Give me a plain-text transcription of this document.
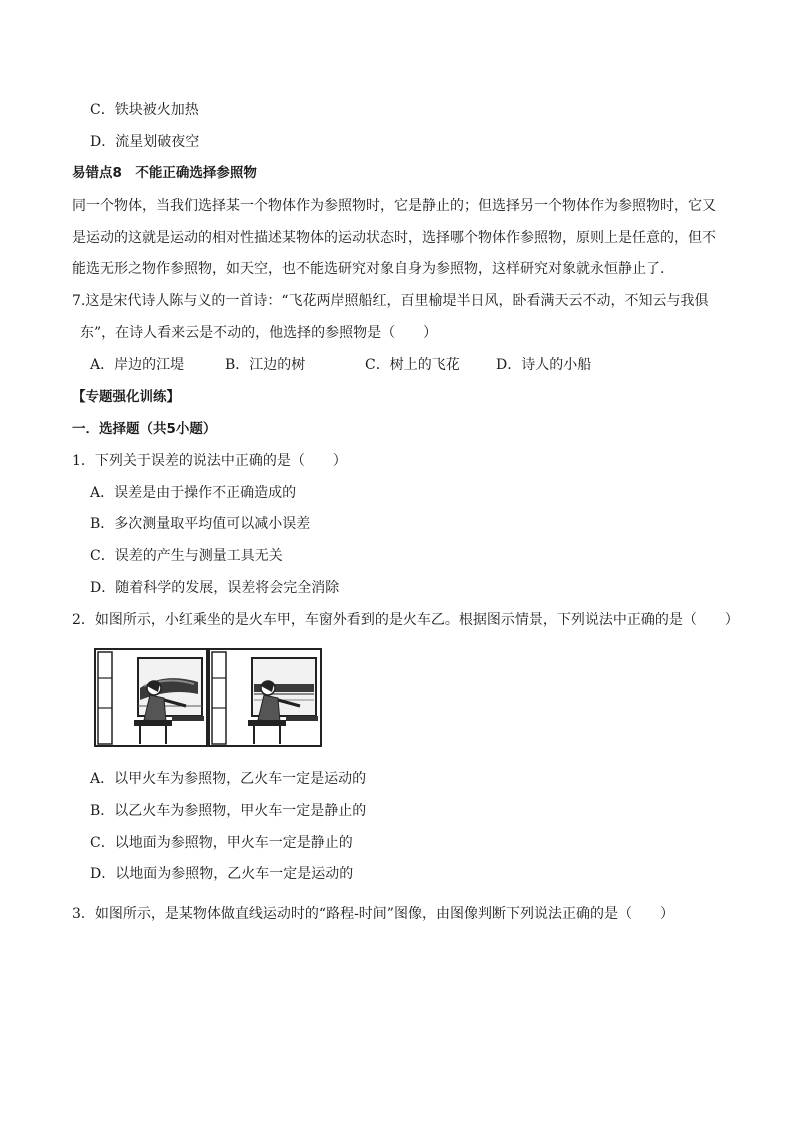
C．铁块被火加热
D．流星划破夜空
易错点8　不能正确选择参照物
同一个物体，当我们选择某一个物体作为参照物时，它是静止的；但选择另一个物体作为参照物时，它又
是运动的这就是运动的相对性描述某物体的运动状态时，选择哪个物体作参照物，原则上是任意的，但不
能选无形之物作参照物，如天空，也不能选研究对象自身为参照物，这样研究对象就永恒静止了.
7.这是宋代诗人陈与义的一首诗：“飞花两岸照船红，百里榆堤半日风，卧看满天云不动，不知云与我俱
东”，在诗人看来云是不动的，他选择的参照物是（　　）
A．岸边的江堤	B．江边的树	C．树上的飞花	D．诗人的小船
【专题强化训练】
一．选择题（共5小题）
1．下列关于误差的说法中正确的是（　　）
A．误差是由于操作不正确造成的
B．多次测量取平均值可以减小误差
C．误差的产生与测量工具无关
D．随着科学的发展，误差将会完全消除
2．如图所示，小红乘坐的是火车甲，车窗外看到的是火车乙。根据图示情景，下列说法中正确的是（　　）
A．以甲火车为参照物，乙火车一定是运动的
B．以乙火车为参照物，甲火车一定是静止的
C．以地面为参照物，甲火车一定是静止的
D．以地面为参照物，乙火车一定是运动的
3．如图所示，是某物体做直线运动时的“路程-时间”图像，由图像判断下列说法正确的是（　　）
